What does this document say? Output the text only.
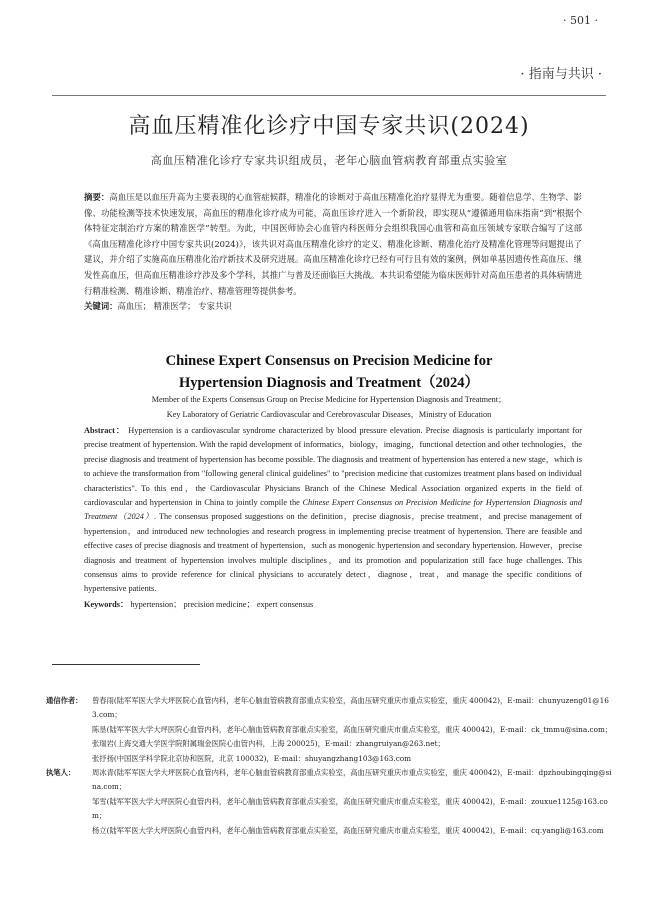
· 501 ·
· 指南与共识 ·
高血压精准化诊疗中国专家共识(2024)
高血压精准化诊疗专家共识组成员，老年心脑血管病教育部重点实验室
摘要：高血压是以血压升高为主要表现的心血管症候群，精准化的诊断对于高血压精准化治疗显得尤为重要。随着信息学、生物学、影像、功能检测等技术快速发展，高血压的精准化诊疗成为可能，高血压诊疗进入一个新阶段，即实现从“遵循通用临床指南”到“根据个体特征定制治疗方案的精准医学”转型。为此，中国医师协会心血管内科医师分会组织我国心血管和高血压领域专家联合编写了这部《高血压精准化诊疗中国专家共识(2024)》，该共识对高血压精准化诊疗的定义、精准化诊断、精准化治疗及精准化管理等问题提出了建议，并介绍了实施高血压精准化治疗新技术及研究进展。高血压精准化诊疗已经有可行且有效的案例，例如单基因遗传性高血压、继发性高血压，但高血压精准诊疗涉及多个学科，其推广与普及还面临巨大挑战。本共识希望能为临床医师针对高血压患者的具体病情进行精准检测、精准诊断、精准治疗、精准管理等提供参考。
关键词：高血压； 精准医学； 专家共识
Chinese Expert Consensus on Precision Medicine for
Hypertension Diagnosis and Treatment（2024）
Member of the Experts Consensus Group on Precise Medicine for Hypertension Diagnosis and Treatment；
Key Laboratory of Geriatric Cardiovascular and Cerebrovascular Diseases，Ministry of Education
Abstract： Hypertension is a cardiovascular syndrome characterized by blood pressure elevation. Precise diagnosis is particularly important for precise treatment of hypertension. With the rapid development of informatics，biology，imaging，functional detection and other technologies，the precise diagnosis and treatment of hypertension has become possible. The diagnosis and treatment of hypertension has entered a new stage，which is to achieve the transformation from "following general clinical guidelines" to "precision medicine that customizes treatment plans based on individual characteristics". To this end，the Cardiovascular Physicians Branch of the Chinese Medical Association organized experts in the field of cardiovascular and hypertension in China to jointly compile the Chinese Expert Consensus on Precision Medicine for Hypertension Diagnosis and Treatment（2024）. The consensus proposed suggestions on the definition，precise diagnosis，precise treatment，and precise management of hypertension，and introduced new technologies and research progress in implementing precise treatment of hypertension. There are feasible and effective cases of precise diagnosis and treatment of hypertension，such as monogenic hypertension and secondary hypertension. However，precise diagnosis and treatment of hypertension involves multiple disciplines，and its promotion and popularization still face huge challenges. This consensus aims to provide reference for clinical physicians to accurately detect，diagnose，treat，and manage the specific conditions of hypertensive patients.
Keywords： hypertension； precision medicine； expert consensus
通信作者：	曾春雨(陆军军医大学大坪医院心血管内科，老年心脑血管病教育部重点实验室，高血压研究重庆市重点实验室，重庆 400042)，E-mail：chunyuzeng01@163.com；
陈垦(陆军军医大学大坪医院心血管内科，老年心脑血管病教育部重点实验室，高血压研究重庆市重点实验室，重庆 400042)，E-mail：ck_tmmu@sina.com；
张瑞岩(上海交通大学医学院附属瑞金医院心血管内科，上海 200025)，E-mail：zhangruiyan@263.net；
张抒扬(中国医学科学院北京协和医院，北京 100032)，E-mail：shuyangzhang103@163.com
执笔人：	周冰青(陆军军医大学大坪医院心血管内科，老年心脑血管病教育部重点实验室，高血压研究重庆市重点实验室，重庆 400042)，E-mail：dpzhoubingqing@sina.com；
邹雪(陆军军医大学大坪医院心血管内科，老年心脑血管病教育部重点实验室，高血压研究重庆市重点实验室，重庆 400042)，E-mail：zouxue1125@163.com；
杨立(陆军军医大学大坪医院心血管内科，老年心脑血管病教育部重点实验室，高血压研究重庆市重点实验室，重庆 400042)，E-mail：cq.yangli@163.com
